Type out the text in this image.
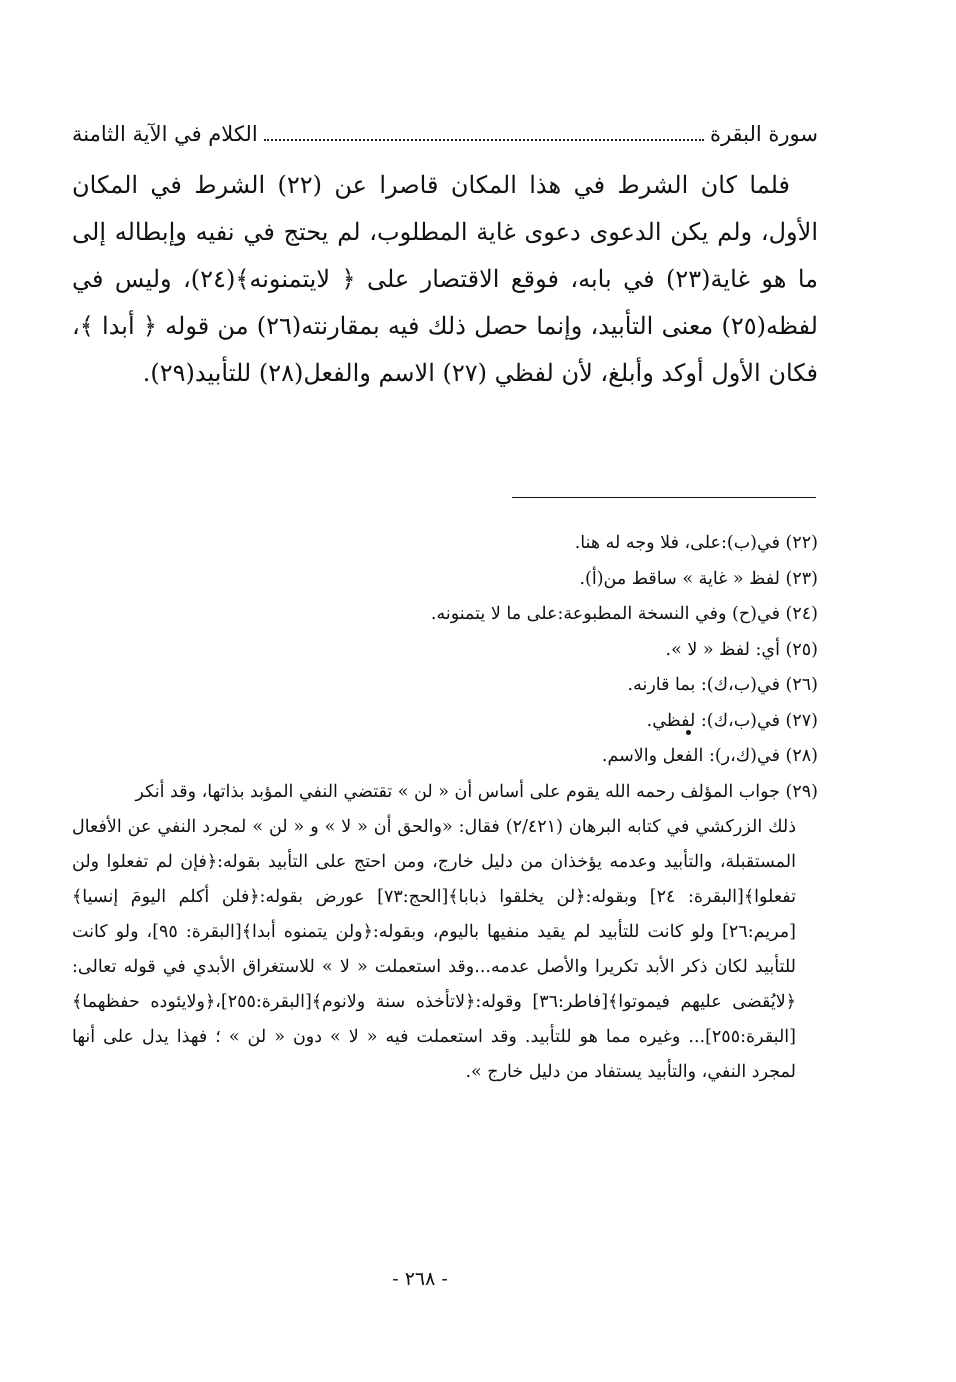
سورة البقرة
الكلام في الآية الثامنة

فلما كان الشرط في هذا المكان قاصرا عن (٢٢) الشرط في المكان الأول، ولم يكن الدعوى دعوى غاية المطلوب، لم يحتج في نفيه وإبطاله إلى ما هو غاية(٢٣) في بابه، فوقع الاقتصار على ﴿ لايتمنونه﴾(٢٤)، وليس في لفظه(٢٥) معنى التأبيد، وإنما حصل ذلك فيه بمقارنته(٢٦) من قوله ﴿ أبدا ﴾، فكان الأول أوكد وأبلغ، لأن لفظي (٢٧) الاسم والفعل(٢٨) للتأبيد(٢٩).

(٢٢) في(ب):على، فلا وجه له هنا.
(٢٣) لفظ « غاية » ساقط من(أ).
(٢٤) في(ح) وفي النسخة المطبوعة:على ما لا يتمنونه.
(٢٥) أي: لفظ « لا ».
(٢٦) في(ب،ك): بما قارنه.
(٢٧) في(ب،ك): لفظي.
(٢٨) في(ك،ر): الفعل والاسم.
(٢٩) جواب المؤلف رحمه الله يقوم على أساس أن « لن » تقتضي النفي المؤبد بذاتها، وقد أنكر
ذلك الزركشي في كتابه البرهان (٢/٤٢١) فقال: «والحق أن « لا » و « لن » لمجرد النفي عن الأفعال المستقبلة، والتأبيد وعدمه يؤخذان من دليل خارج، ومن احتج على التأبيد بقوله:﴿فإن لم تفعلوا ولن تفعلوا﴾[البقرة: ٢٤] وبقوله:﴿لن يخلقوا ذبابا﴾[الحج:٧٣] عورض بقوله:﴿فلن أكلم اليومَ إنسيا﴾[مريم:٢٦] ولو كانت للتأبيد لم يقيد منفيها باليوم، وبقوله:﴿ولن يتمنوه أبدا﴾[البقرة: ٩٥]، ولو كانت للتأبيد لكان ذكر الأبد تكريرا والأصل عدمه...وقد استعملت « لا » للاستغراق الأبدي في قوله تعالى:﴿لايُقضى عليهم فيموتوا﴾[فاطر:٣٦] وقوله:﴿لاتأخذه سنة ولانوم﴾[البقرة:٢٥٥]،﴿ولايئوده حفظهما﴾[البقرة:٢٥٥]... وغيره مما هو للتأبيد. وقد استعملت فيه « لا » دون « لن » ؛ فهذا يدل على أنها لمجرد النفي، والتأبيد يستفاد من دليل خارج ».
- ٢٦٨ -
